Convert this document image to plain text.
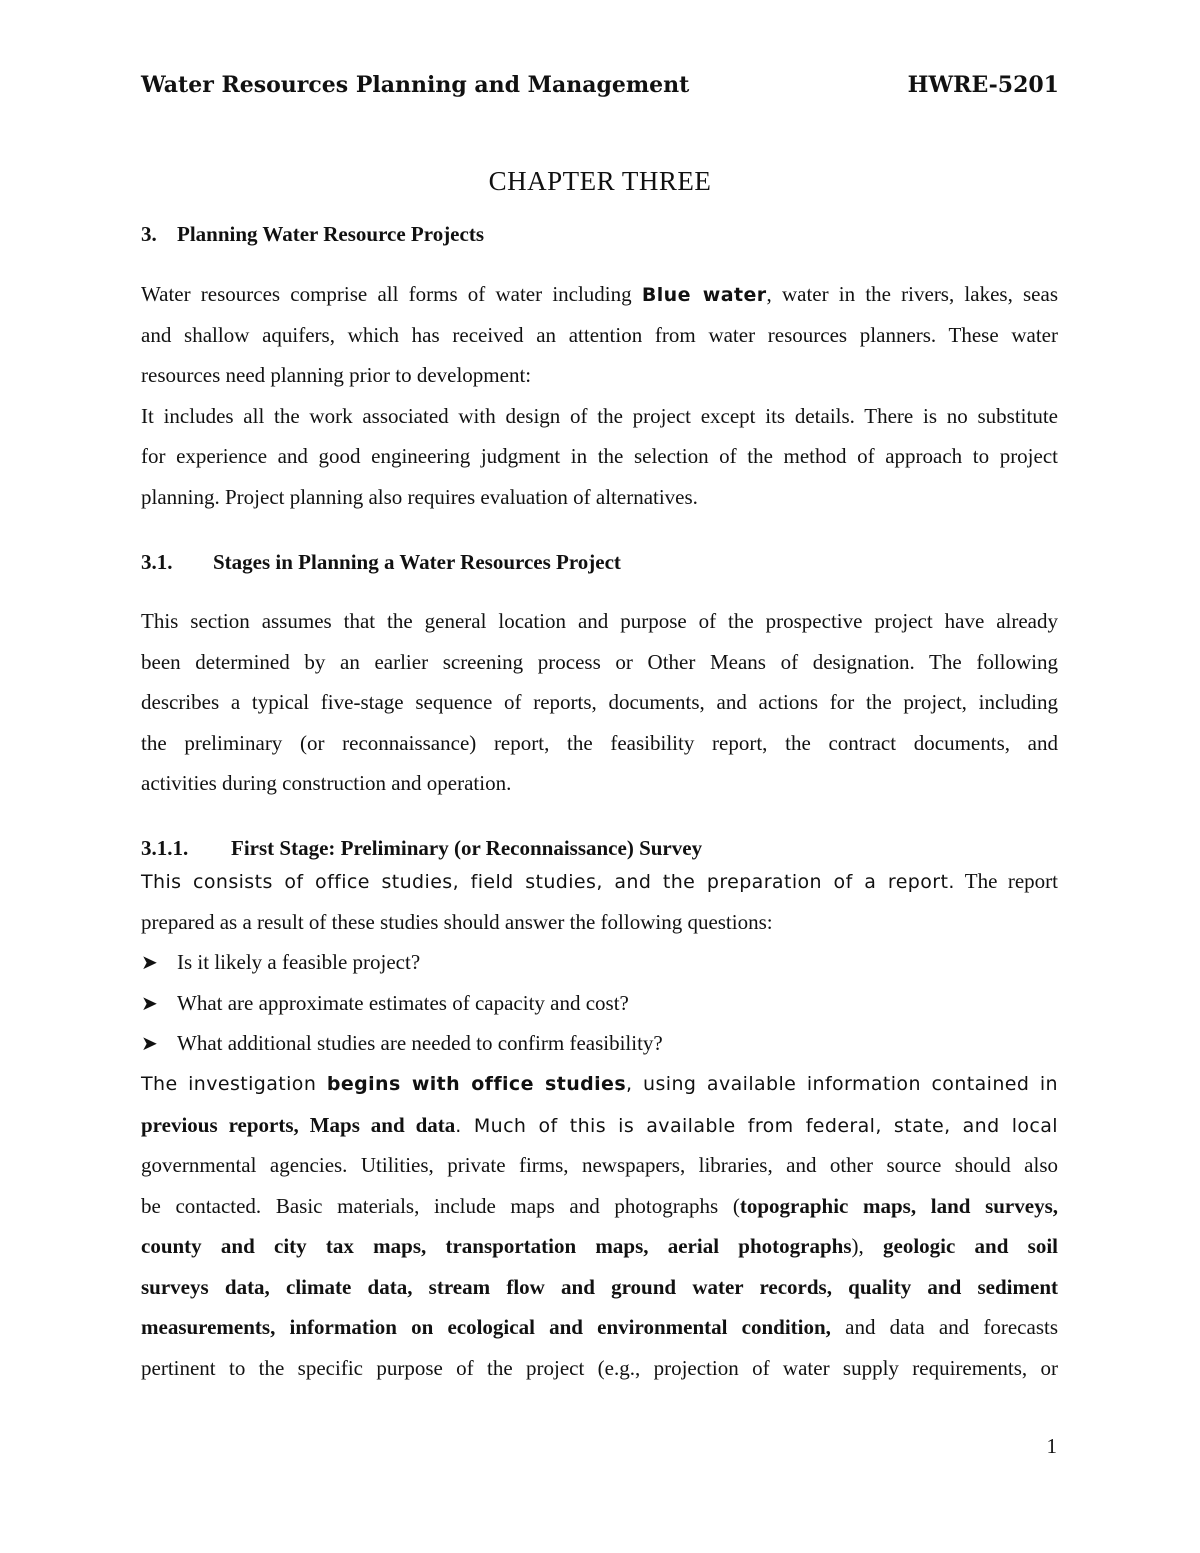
Water Resources Planning and Management	HWRE-5201
CHAPTER THREE
3. Planning Water Resource Projects
Water resources comprise all forms of water including Blue water, water in the rivers, lakes, seas
and shallow aquifers, which has received an attention from water resources planners. These water
resources need planning prior to development:
It includes all the work associated with design of the project except its details. There is no substitute
for experience and good engineering judgment in the selection of the method of approach to project
planning. Project planning also requires evaluation of alternatives.
3.1. Stages in Planning a Water Resources Project
This section assumes that the general location and purpose of the prospective project have already
been determined by an earlier screening process or Other Means of designation. The following
describes a typical five-stage sequence of reports, documents, and actions for the project, including
the preliminary (or reconnaissance) report, the feasibility report, the contract documents, and
activities during construction and operation.
3.1.1. First Stage: Preliminary (or Reconnaissance) Survey
This consists of office studies, field studies, and the preparation of a report. The report
prepared as a result of these studies should answer the following questions:
➤ Is it likely a feasible project?
➤ What are approximate estimates of capacity and cost?
➤ What additional studies are needed to confirm feasibility?
The investigation begins with office studies, using available information contained in
previous reports, Maps and data. Much of this is available from federal, state, and local
governmental agencies. Utilities, private firms, newspapers, libraries, and other source should also
be contacted. Basic materials, include maps and photographs (topographic maps, land surveys,
county and city tax maps, transportation maps, aerial photographs), geologic and soil
surveys data, climate data, stream flow and ground water records, quality and sediment
measurements, information on ecological and environmental condition, and data and forecasts
pertinent to the specific purpose of the project (e.g., projection of water supply requirements, or
1
